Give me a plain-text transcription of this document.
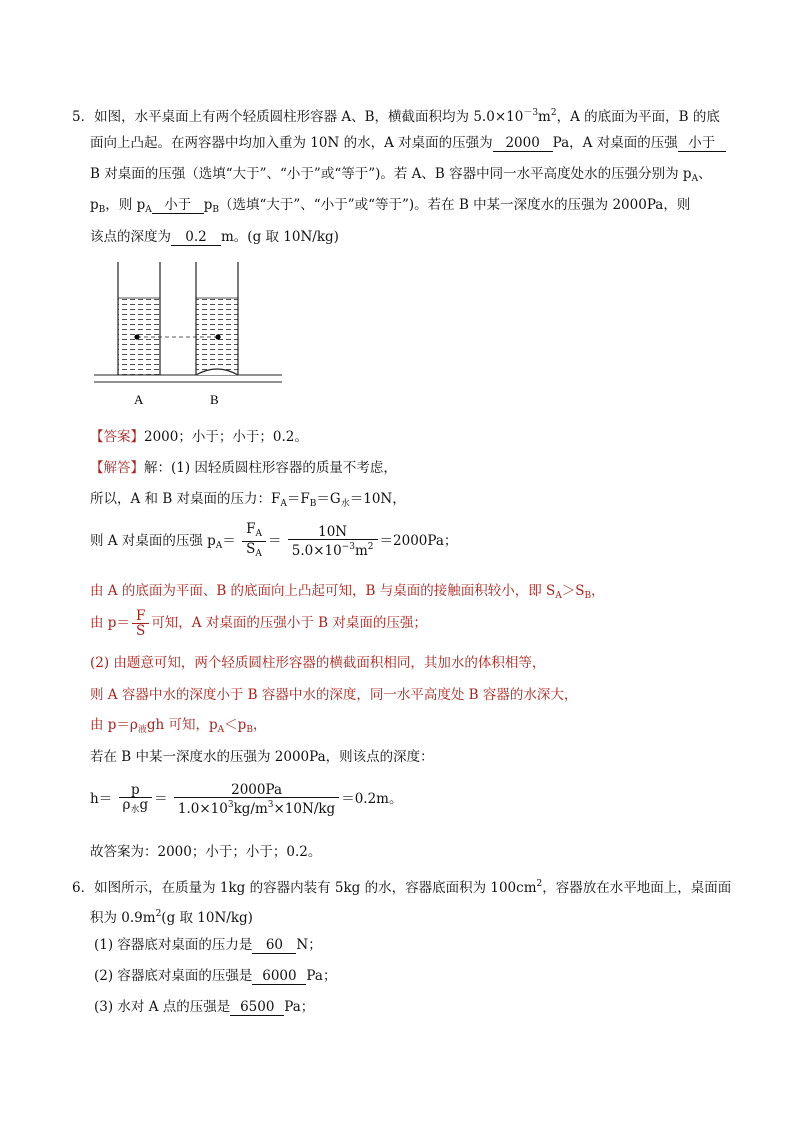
5．如图，水平桌面上有两个轻质圆柱形容器 A、B，横截面积均为 $5.0\times 10^{-3}m^2$，A 的底面为平面，B 的底
面向上凸起。在两容器中均加入重为 10N 的水，A 对桌面的压强为 2000 Pa，A 对桌面的压强 小于
B 对桌面的压强（选填“大于”、“小于”或“等于”)。若 A、B 容器中同一水平高度处水的压强分别为 $p_A$、
$p_B$，则 $p_A$ 小于 $p_B$（选填“大于”、“小于”或“等于”)。若在 B 中某一深度水的压强为 2000Pa，则
该点的深度为 0.2 m。(g 取 10N/kg)
A	B
【答案】2000；小于；小于；0.2。
【解答】解：(1) 因轻质圆柱形容器的质量不考虑，
所以，A 和 B 对桌面的压力：$F_A=F_B=G_水=10N$，
则 A 对桌面的压强 $p_A= \frac{F_A}{S_A} = \frac{10N}{5.0\times 10^{-3}m^2} =2000Pa$；
由 A 的底面为平面、B 的底面向上凸起可知，B 与桌面的接触面积较小，即 $S_A>S_B$，
由 $p= \frac{F}{S}$ 可知，A 对桌面的压强小于 B 对桌面的压强；
(2) 由题意可知，两个轻质圆柱形容器的横截面积相同，其加水的体积相等，
则 A 容器中水的深度小于 B 容器中水的深度，同一水平高度处 B 容器的水深大，
由 $p=\rho_液gh$ 可知，$p_A<p_B$，
若在 B 中某一深度水的压强为 2000Pa，则该点的深度：
$h= \frac{p}{\rho_水g} = \frac{2000Pa}{1.0\times 10^3kg/m^3\times 10N/kg} =0.2m$。
故答案为：2000；小于；小于；0.2。
6．如图所示，在质量为 1kg 的容器内装有 5kg 的水，容器底面积为 $100cm^2$，容器放在水平地面上，桌面面
积为 $0.9m^2(g$ 取 10N/kg)
(1) 容器底对桌面的压力是 60 N；
(2) 容器底对桌面的压强是 6000 Pa；
(3) 水对 A 点的压强是 6500 Pa；
